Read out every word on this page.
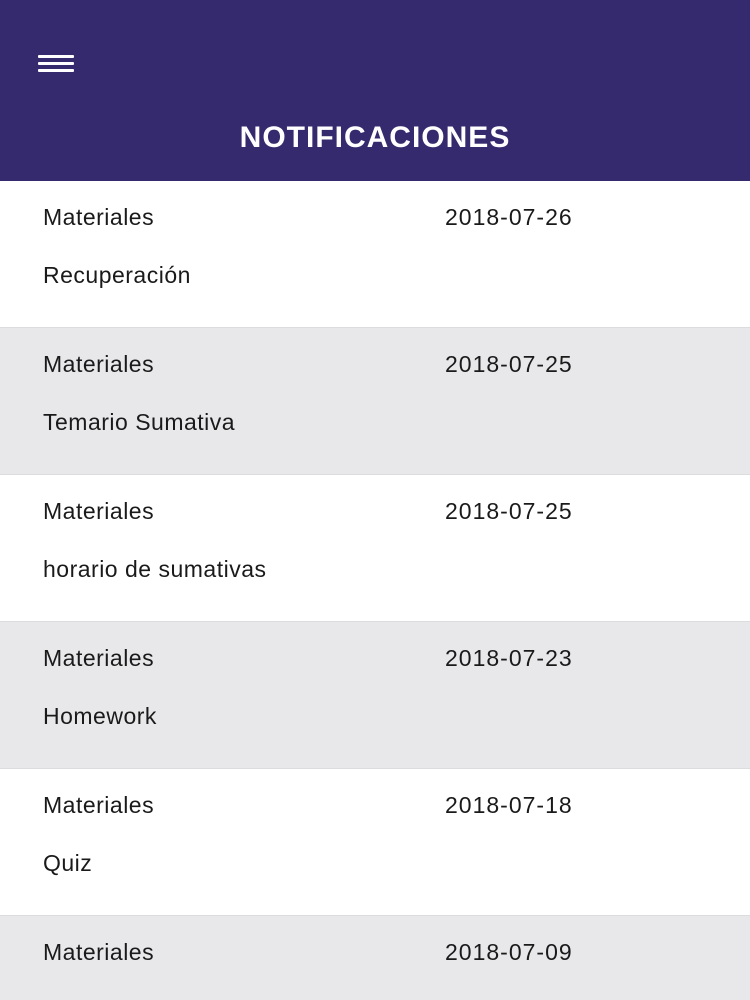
NOTIFICACIONES
Materiales	2018-07-26
Recuperación
Materiales	2018-07-25
Temario Sumativa
Materiales	2018-07-25
horario de sumativas
Materiales	2018-07-23
Homework
Materiales	2018-07-18
Quiz
Materiales	2018-07-09
